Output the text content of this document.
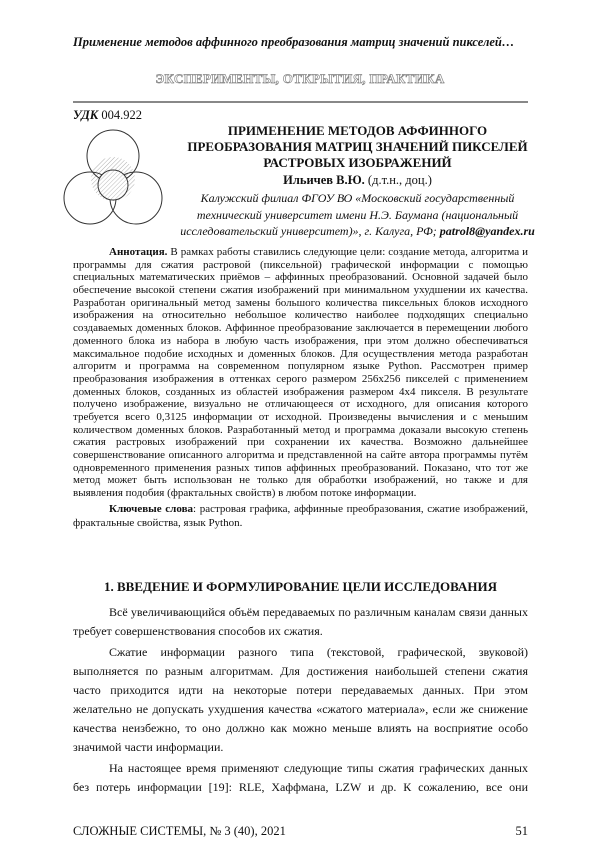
Применение методов аффинного преобразования матриц значений пикселей…
ЭКСПЕРИМЕНТЫ, ОТКРЫТИЯ, ПРАКТИКА
УДК 004.922
ПРИМЕНЕНИЕ МЕТОДОВ АФФИННОГО
ПРЕОБРАЗОВАНИЯ МАТРИЦ ЗНАЧЕНИЙ ПИКСЕЛЕЙ
РАСТРОВЫХ ИЗОБРАЖЕНИЙ
Ильичев В.Ю. (д.т.н., доц.)
Калужский филиал ФГОУ ВО «Московский государственный
технический университет имени Н.Э. Баумана (национальный
исследовательский университет)», г. Калуга, РФ; patrol8@yandex.ru
Аннотация. В рамках работы ставились следующие цели: создание метода, алгоритма и
программы для сжатия растровой (пиксельной) графической информации с помощью
специальных математических приёмов – аффинных преобразований. Основной задачей было
обеспечение высокой степени сжатия изображений при минимальном ухудшении их качества.
Разработан оригинальный метод замены большого количества пиксельных блоков исходного
изображения на относительно небольшое количество наиболее подходящих специально
создаваемых доменных блоков. Аффинное преобразование заключается в перемещении любого
доменного блока из набора в любую часть изображения, при этом должно обеспечиваться
максимальное подобие исходных и доменных блоков. Для осуществления метода разработан
алгоритм и программа на современном популярном языке Python. Рассмотрен пример
преобразования изображения в оттенках серого размером 256x256 пикселей с применением
доменных блоков, созданных из областей изображения размером 4x4 пикселя. В результате
получено изображение, визуально не отличающееся от исходного, для описания которого
требуется всего 0,3125 информации от исходной. Произведены вычисления и с меньшим
количеством доменных блоков. Разработанный метод и программа доказали высокую степень
сжатия растровых изображений при сохранении их качества. Возможно дальнейшее
совершенствование описанного алгоритма и представленной на сайте автора программы путём
одновременного применения разных типов аффинных преобразований. Показано, что тот же
метод может быть использован не только для обработки изображений, но также и для
выявления подобия (фрактальных свойств) в любом потоке информации.
Ключевые слова: растровая графика, аффинные преобразования, сжатие изображений,
фрактальные свойства, язык Python.
1. ВВЕДЕНИЕ И ФОРМУЛИРОВАНИЕ ЦЕЛИ ИССЛЕДОВАНИЯ
Всё увеличивающийся объём передаваемых по различным каналам связи данных
требует совершенствования способов их сжатия.
Сжатие информации разного типа (текстовой, графической, звуковой)
выполняется по разным алгоритмам. Для достижения наибольшей степени сжатия
часто приходится идти на некоторые потери передаваемых данных. При этом
желательно не допускать ухудшения качества «сжатого материала», если же снижение
качества неизбежно, то оно должно как можно меньше влиять на восприятие особо
значимой части информации.
На настоящее время применяют следующие типы сжатия графических данных
без потерь информации [19]: RLE, Хаффмана, LZW и др. К сожалению, все они
СЛОЖНЫЕ СИСТЕМЫ, № 3 (40), 2021	51
